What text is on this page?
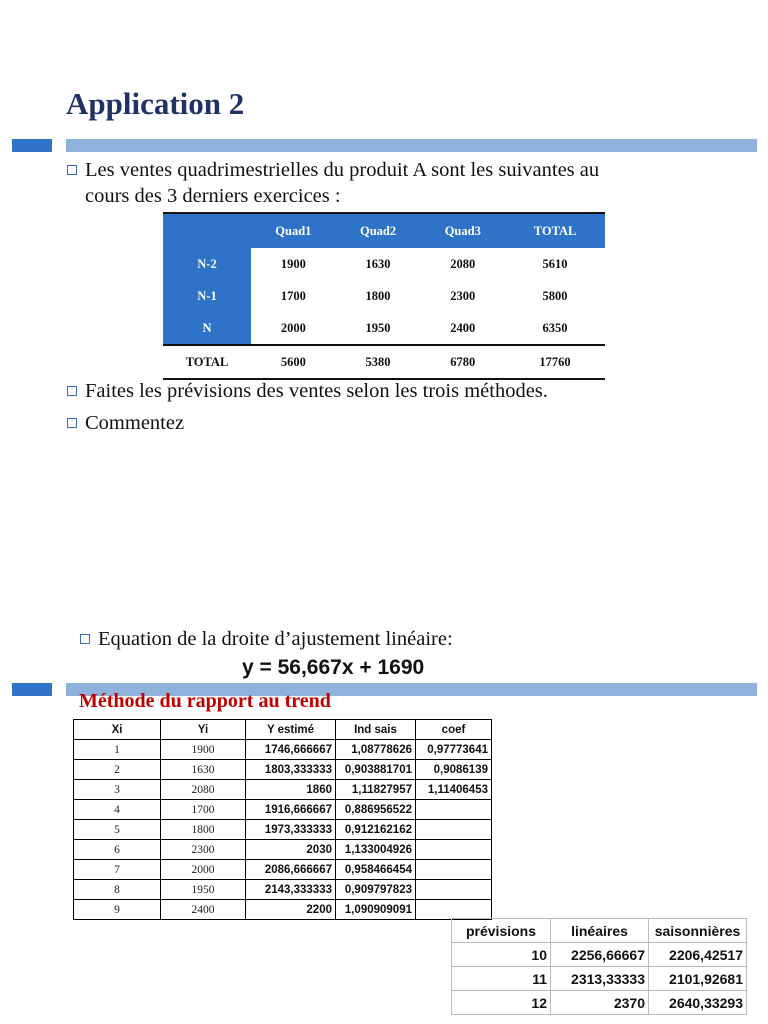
Application 2
Les ventes quadrimestrielles du produit A sont les suivantes au
cours des 3 derniers exercices :
	Quad1	Quad2	Quad3	TOTAL
N-2	1900	1630	2080	5610
N-1	1700	1800	2300	5800
N	2000	1950	2400	6350
TOTAL	5600	5380	6780	17760
Faites les prévisions des ventes selon les trois méthodes.
Commentez
Equation de la droite d’ajustement linéaire:
y = 56,667x + 1690
Méthode du rapport au trend
Xi	Yi	Y estimé	Ind sais	coef
1	1900	1746,666667	1,08778626	0,97773641
2	1630	1803,333333	0,903881701	0,9086139
3	2080	1860	1,11827957	1,11406453
4	1700	1916,666667	0,886956522	
5	1800	1973,333333	0,912162162	
6	2300	2030	1,133004926	
7	2000	2086,666667	0,958466454	
8	1950	2143,333333	0,909797823	
9	2400	2200	1,090909091	
prévisions	linéaires	saisonnières
10	2256,66667	2206,42517
11	2313,33333	2101,92681
12	2370	2640,33293
